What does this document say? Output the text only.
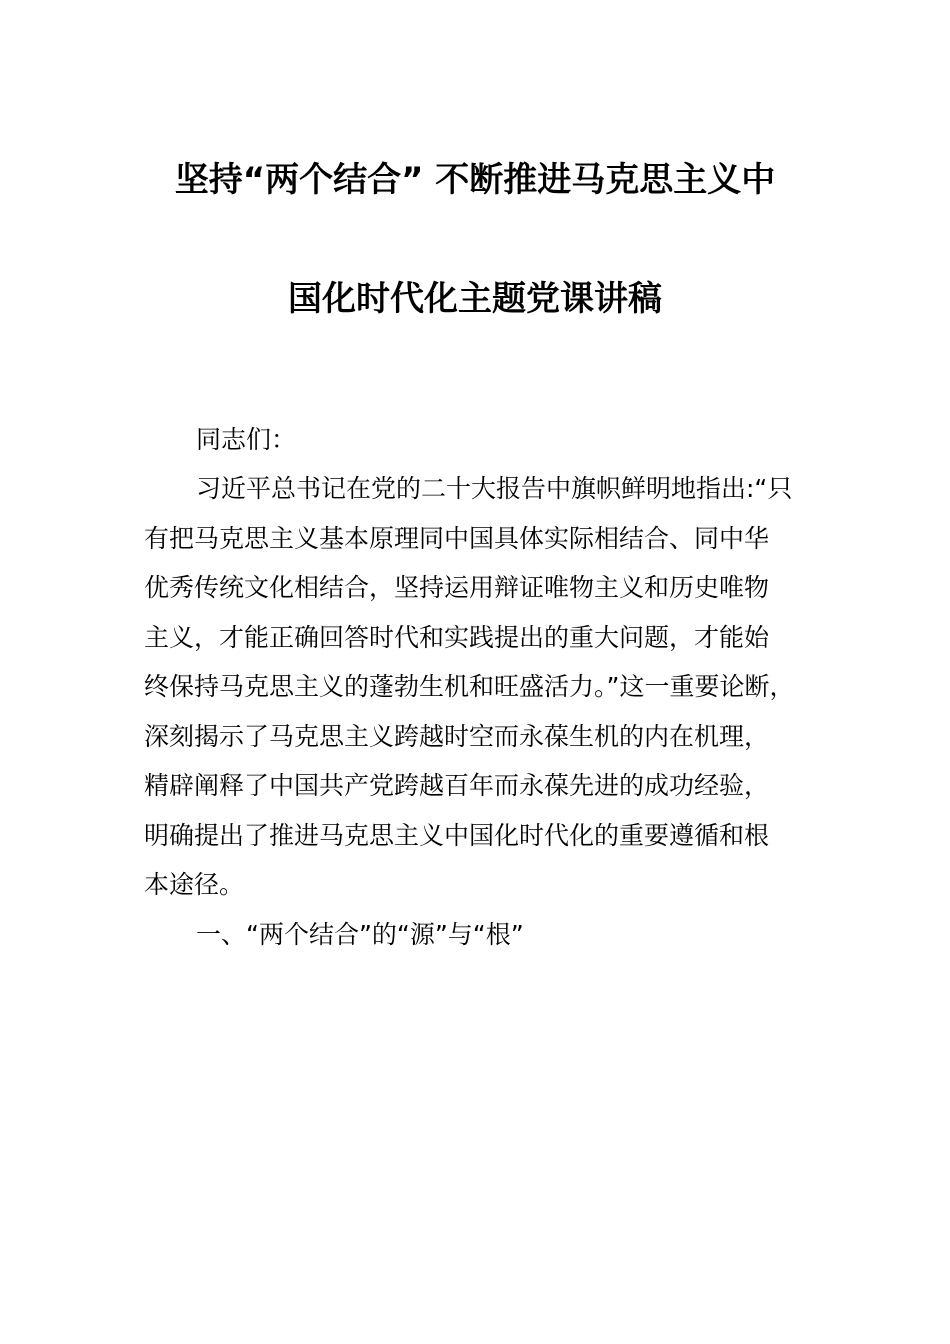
坚持“两个结合” 不断推进马克思主义中
国化时代化主题党课讲稿
同志们：
习近平总书记在党的二十大报告中旗帜鲜明地指出:“只
有把马克思主义基本原理同中国具体实际相结合、同中华
优秀传统文化相结合，坚持运用辩证唯物主义和历史唯物
主义，才能正确回答时代和实践提出的重大问题，才能始
终保持马克思主义的蓬勃生机和旺盛活力。”这一重要论断，
深刻揭示了马克思主义跨越时空而永葆生机的内在机理，
精辟阐释了中国共产党跨越百年而永葆先进的成功经验，
明确提出了推进马克思主义中国化时代化的重要遵循和根
本途径。
一、“两个结合”的“源”与“根”
